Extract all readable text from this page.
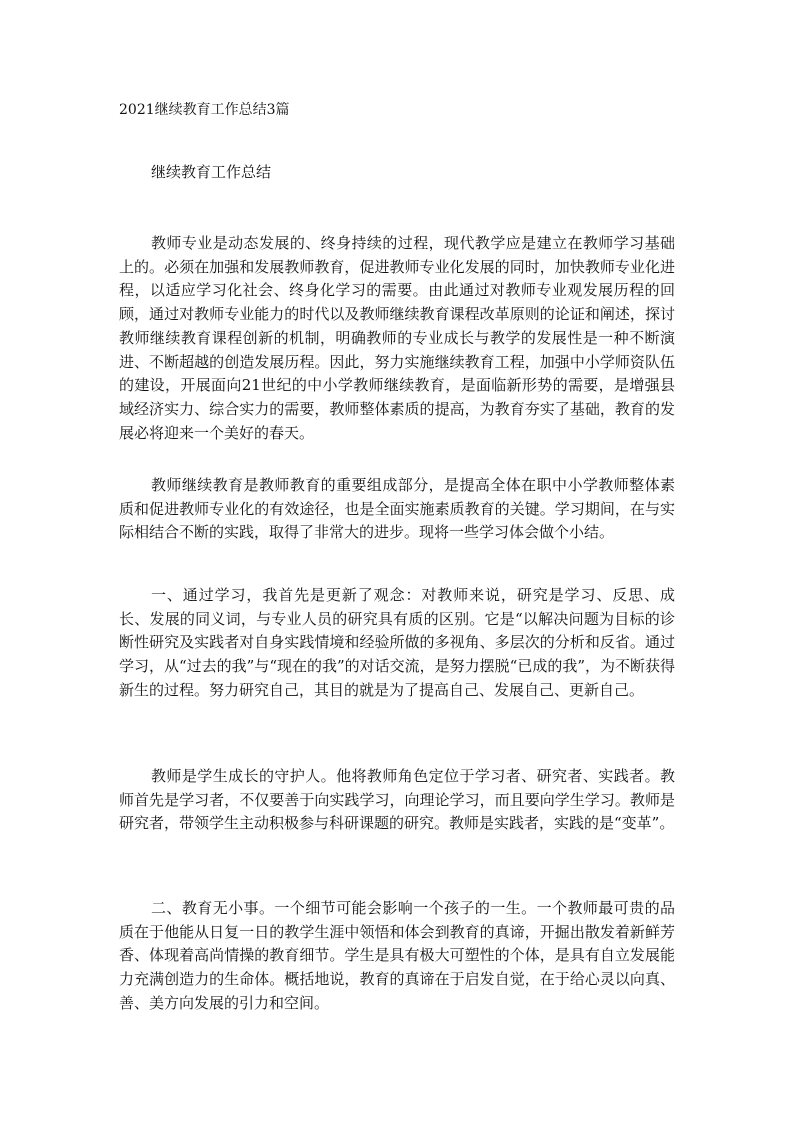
2021继续教育工作总结3篇
继续教育工作总结

教师专业是动态发展的、终身持续的过程，现代教学应是建立在教师学习基础上的。必须在加强和发展教师教育，促进教师专业化发展的同时，加快教师专业化进程，以适应学习化社会、终身化学习的需要。由此通过对教师专业观发展历程的回顾，通过对教师专业能力的时代以及教师继续教育课程改革原则的论证和阐述，探讨教师继续教育课程创新的机制，明确教师的专业成长与教学的发展性是一种不断演进、不断超越的创造发展历程。因此，努力实施继续教育工程，加强中小学师资队伍的建设，开展面向21世纪的中小学教师继续教育，是面临新形势的需要，是增强县域经济实力、综合实力的需要，教师整体素质的提高，为教育夯实了基础，教育的发展必将迎来一个美好的春天。

教师继续教育是教师教育的重要组成部分，是提高全体在职中小学教师整体素质和促进教师专业化的有效途径，也是全面实施素质教育的关键。学习期间，在与实际相结合不断的实践，取得了非常大的进步。现将一些学习体会做个小结。

一、通过学习，我首先是更新了观念：对教师来说，研究是学习、反思、成长、发展的同义词，与专业人员的研究具有质的区别。它是“以解决问题为目标的诊断性研究及实践者对自身实践情境和经验所做的多视角、多层次的分析和反省。通过学习，从“过去的我”与“现在的我”的对话交流，是努力摆脱“已成的我”，为不断获得新生的过程。努力研究自己，其目的就是为了提高自己、发展自己、更新自己。

教师是学生成长的守护人。他将教师角色定位于学习者、研究者、实践者。教师首先是学习者，不仅要善于向实践学习，向理论学习，而且要向学生学习。教师是研究者，带领学生主动积极参与科研课题的研究。教师是实践者，实践的是“变革”。

二、教育无小事。一个细节可能会影响一个孩子的一生。一个教师最可贵的品质在于他能从日复一日的教学生涯中领悟和体会到教育的真谛，开掘出散发着新鲜芳香、体现着高尚情操的教育细节。学生是具有极大可塑性的个体，是具有自立发展能力充满创造力的生命体。概括地说，教育的真谛在于启发自觉，在于给心灵以向真、善、美方向发展的引力和空间。
